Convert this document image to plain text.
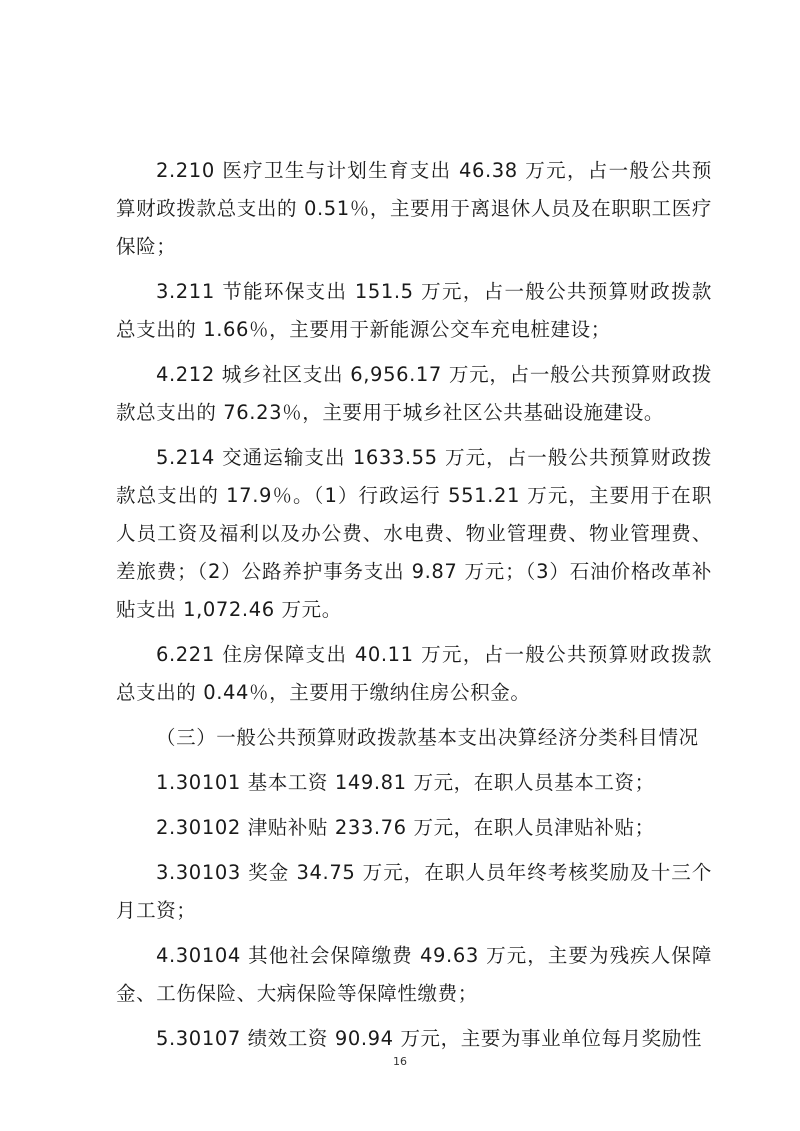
2.210 医疗卫生与计划生育支出 46.38 万元，占一般公共预算财政拨款总支出的 0.51％，主要用于离退休人员及在职职工医疗保险；

3.211 节能环保支出 151.5 万元，占一般公共预算财政拨款总支出的 1.66％，主要用于新能源公交车充电桩建设；

4.212 城乡社区支出 6,956.17 万元，占一般公共预算财政拨款总支出的 76.23％，主要用于城乡社区公共基础设施建设。

5.214 交通运输支出 1633.55 万元，占一般公共预算财政拨款总支出的 17.9％。（1）行政运行 551.21 万元，主要用于在职人员工资及福利以及办公费、水电费、物业管理费、物业管理费、差旅费；（2）公路养护事务支出 9.87 万元；（3）石油价格改革补贴支出 1,072.46 万元。

6.221 住房保障支出 40.11 万元，占一般公共预算财政拨款总支出的 0.44％，主要用于缴纳住房公积金。

（三）一般公共预算财政拨款基本支出决算经济分类科目情况

1.30101 基本工资 149.81 万元，在职人员基本工资；

2.30102 津贴补贴 233.76 万元，在职人员津贴补贴；

3.30103 奖金 34.75 万元，在职人员年终考核奖励及十三个月工资；

4.30104 其他社会保障缴费 49.63 万元，主要为残疾人保障金、工伤保险、大病保险等保障性缴费；

5.30107 绩效工资 90.94 万元，主要为事业单位每月奖励性

16
